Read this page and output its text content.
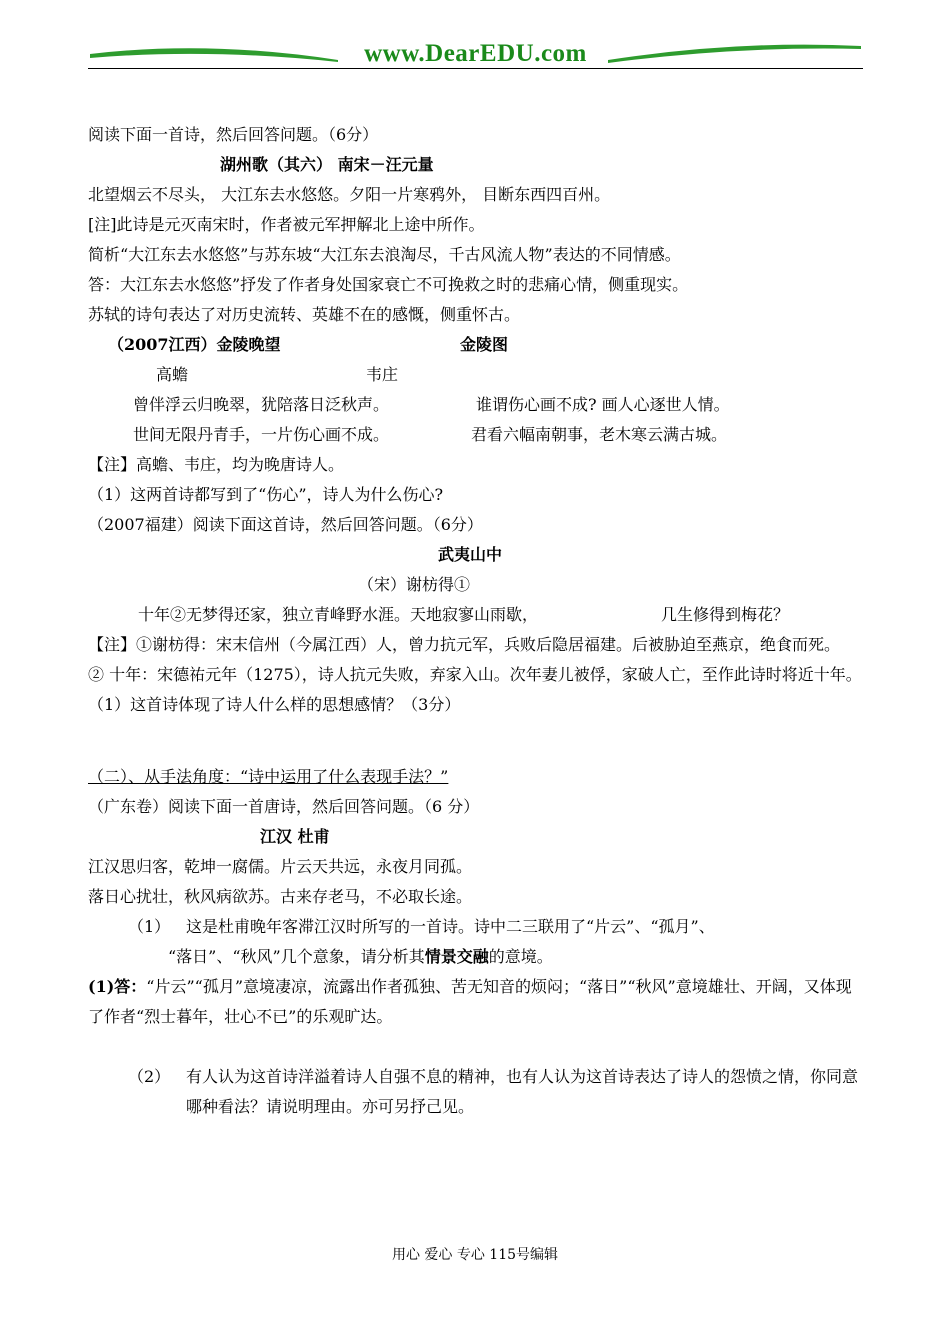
www.DearEDU.com
阅读下面一首诗，然后回答问题。（6分）
湖州歌（其六） 南宋－汪元量
北望烟云不尽头， 大江东去水悠悠。夕阳一片寒鸦外， 目断东西四百州。
[注]此诗是元灭南宋时，作者被元军押解北上途中所作。
简析“大江东去水悠悠”与苏东坡“大江东去浪淘尽，千古风流人物”表达的不同情感。
答：大江东去水悠悠”抒发了作者身处国家衰亡不可挽救之时的悲痛心情，侧重现实。
苏轼的诗句表达了对历史流转、英雄不在的感慨，侧重怀古。
（2007江西）金陵晚望	金陵图
高蟾	韦庄
曾伴浮云归晚翠，犹陪落日泛秋声。	谁谓伤心画不成? 画人心逐世人情。
世间无限丹青手，一片伤心画不成。	君看六幅南朝事，老木寒云满古城。
【注】高蟾、韦庄，均为晚唐诗人。
（1）这两首诗都写到了“伤心”，诗人为什么伤心?
（2007福建）阅读下面这首诗，然后回答问题。（6分）
武夷山中
（宋）谢枋得①
十年②无梦得还家，独立青峰野水涯。天地寂寥山雨歇，	几生修得到梅花？
【注】①谢枋得：宋末信州（今属江西）人，曾力抗元军，兵败后隐居福建。后被胁迫至燕京，绝食而死。
② 十年：宋德祐元年（1275），诗人抗元失败，弃家入山。次年妻儿被俘，家破人亡，至作此诗时将近十年。
（1）这首诗体现了诗人什么样的思想感情？（3分）
（二）、从手法角度：“诗中运用了什么表现手法？”
（广东卷）阅读下面一首唐诗，然后回答问题。（6 分）
江汉 杜甫
江汉思归客，乾坤一腐儒。片云天共远，永夜月同孤。
落日心扰壮，秋风病欲苏。古来存老马，不必取长途。
（1） 这是杜甫晚年客滞江汉时所写的一首诗。诗中二三联用了“片云”、“孤月”、
“落日”、“秋风”几个意象，请分析其情景交融的意境。
(1)答：“片云”“孤月”意境凄凉，流露出作者孤独、苦无知音的烦闷；“落日”“秋风”意境雄壮、开阔，又体现了作者“烈士暮年，壮心不已”的乐观旷达。
（2） 有人认为这首诗洋溢着诗人自强不息的精神，也有人认为这首诗表达了诗人的怨愤之情，你同意哪种看法？请说明理由。亦可另抒己见。
用心 爱心 专心 115号编辑
